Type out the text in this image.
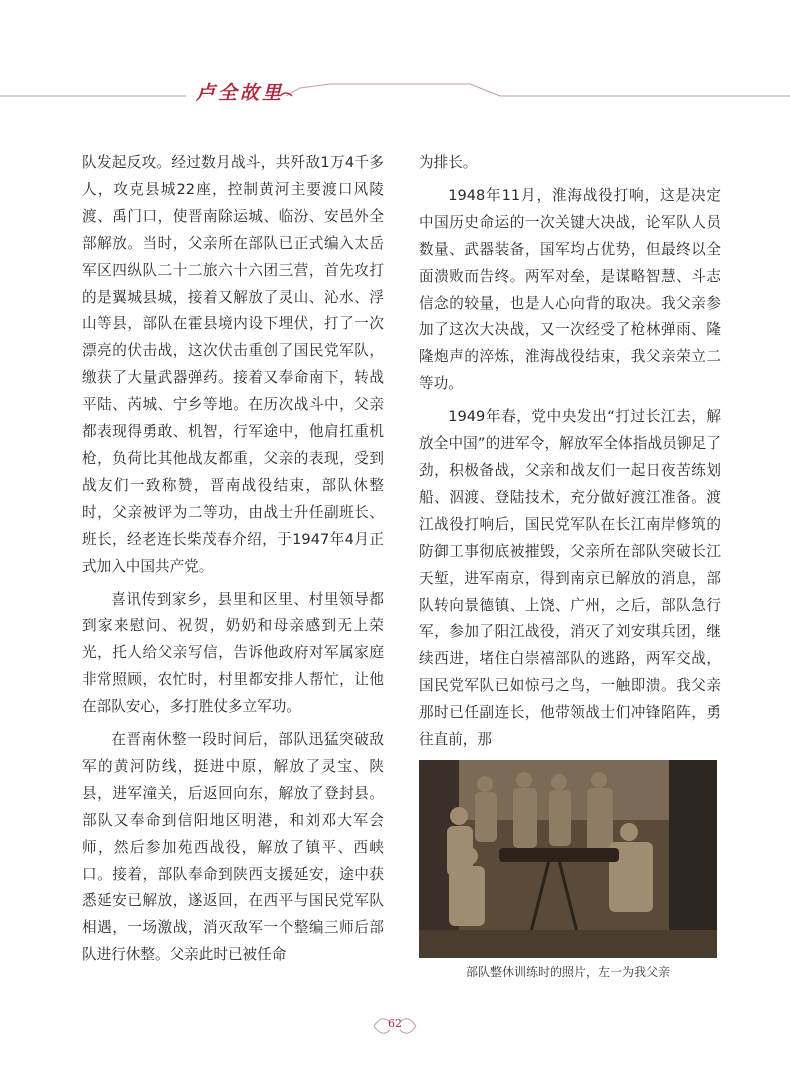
卢全故里

队发起反攻。经过数月战斗，共歼敌1万4千多人，攻克县城22座，控制黄河主要渡口风陵渡、禹门口，使晋南除运城、临汾、安邑外全部解放。当时，父亲所在部队已正式编入太岳军区四纵队二十二旅六十六团三营，首先攻打的是翼城县城，接着又解放了灵山、沁水、浮山等县，部队在霍县境内设下埋伏，打了一次漂亮的伏击战，这次伏击重创了国民党军队，缴获了大量武器弹药。接着又奉命南下，转战平陆、芮城、宁乡等地。在历次战斗中，父亲都表现得勇敢、机智，行军途中，他肩扛重机枪，负荷比其他战友都重，父亲的表现，受到战友们一致称赞，晋南战役结束，部队休整时，父亲被评为二等功，由战士升任副班长、班长，经老连长柴茂春介绍，于1947年4月正式加入中国共产党。

喜讯传到家乡，县里和区里、村里领导都到家来慰问、祝贺，奶奶和母亲感到无上荣光，托人给父亲写信，告诉他政府对军属家庭非常照顾，农忙时，村里都安排人帮忙，让他在部队安心，多打胜仗多立军功。

在晋南休整一段时间后，部队迅猛突破敌军的黄河防线，挺进中原，解放了灵宝、陕县，进军潼关，后返回向东，解放了登封县。部队又奉命到信阳地区明港，和刘邓大军会师，然后参加苑西战役，解放了镇平、西峡口。接着，部队奉命到陕西支援延安，途中获悉延安已解放，遂返回，在西平与国民党军队相遇，一场激战，消灭敌军一个整编三师后部队进行休整。父亲此时已被任命

为排长。

1948年11月，淮海战役打响，这是决定中国历史命运的一次关键大决战，论军队人员数量、武器装备，国军均占优势，但最终以全面溃败而告终。两军对垒，是谋略智慧、斗志信念的较量，也是人心向背的取决。我父亲参加了这次大决战，又一次经受了枪林弹雨、隆隆炮声的淬炼，淮海战役结束，我父亲荣立二等功。

1949年春，党中央发出“打过长江去，解放全中国”的进军令，解放军全体指战员铆足了劲，积极备战，父亲和战友们一起日夜苦练划船、泅渡、登陆技术，充分做好渡江准备。渡江战役打响后，国民党军队在长江南岸修筑的防御工事彻底被摧毁，父亲所在部队突破长江天堑，进军南京，得到南京已解放的消息，部队转向景德镇、上饶、广州，之后，部队急行军，参加了阳江战役，消灭了刘安琪兵团，继续西进，堵住白崇禧部队的逃路，两军交战，国民党军队已如惊弓之鸟，一触即溃。我父亲那时已任副连长，他带领战士们冲锋陷阵，勇往直前，那

部队整休训练时的照片，左一为我父亲
62
